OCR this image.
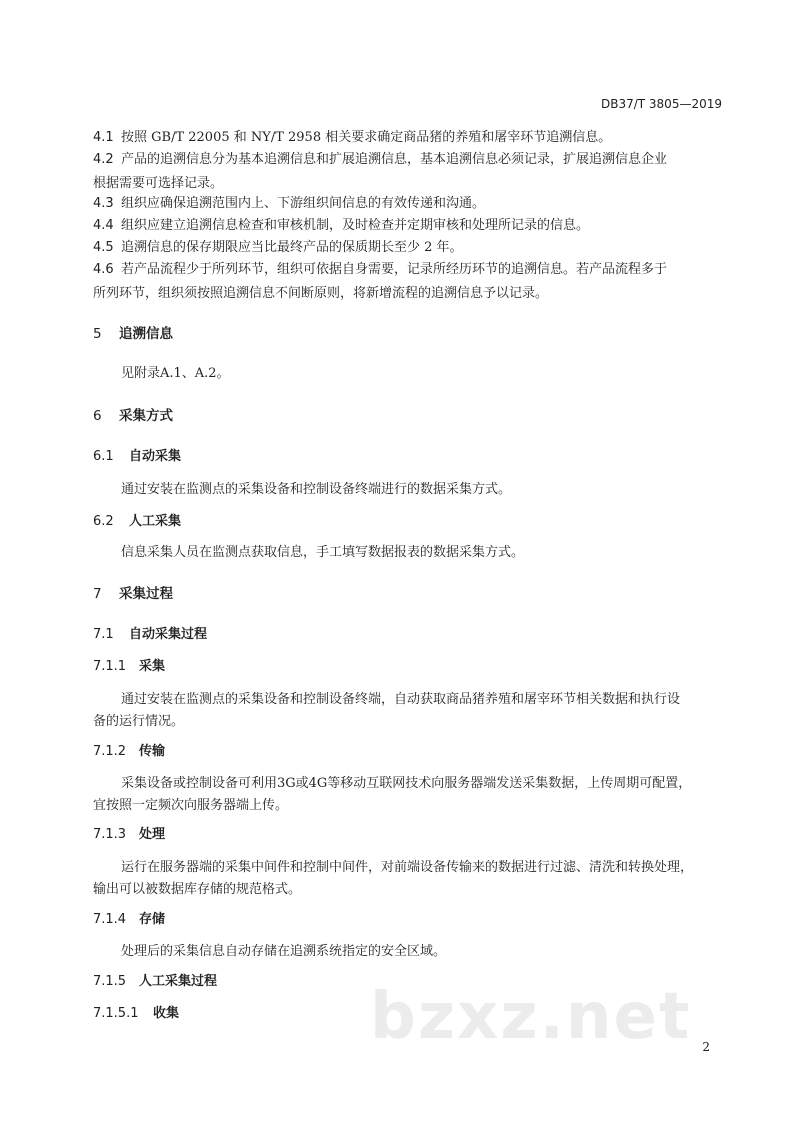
DB37/T 3805—2019
4.1 按照 GB/T 22005 和 NY/T 2958 相关要求确定商品猪的养殖和屠宰环节追溯信息。
4.2 产品的追溯信息分为基本追溯信息和扩展追溯信息，基本追溯信息必须记录，扩展追溯信息企业
根据需要可选择记录。
4.3 组织应确保追溯范围内上、下游组织间信息的有效传递和沟通。
4.4 组织应建立追溯信息检查和审核机制，及时检查并定期审核和处理所记录的信息。
4.5 追溯信息的保存期限应当比最终产品的保质期长至少 2 年。
4.6 若产品流程少于所列环节，组织可依据自身需要，记录所经历环节的追溯信息。若产品流程多于
所列环节，组织须按照追溯信息不间断原则，将新增流程的追溯信息予以记录。
5 追溯信息
见附录A.1、A.2。
6 采集方式
6.1 自动采集
通过安装在监测点的采集设备和控制设备终端进行的数据采集方式。
6.2 人工采集
信息采集人员在监测点获取信息，手工填写数据报表的数据采集方式。
7 采集过程
7.1 自动采集过程
7.1.1 采集
通过安装在监测点的采集设备和控制设备终端，自动获取商品猪养殖和屠宰环节相关数据和执行设
备的运行情况。
7.1.2 传输
采集设备或控制设备可利用3G或4G等移动互联网技术向服务器端发送采集数据，上传周期可配置，
宜按照一定频次向服务器端上传。
7.1.3 处理
运行在服务器端的采集中间件和控制中间件，对前端设备传输来的数据进行过滤、清洗和转换处理，
输出可以被数据库存储的规范格式。
7.1.4 存储
处理后的采集信息自动存储在追溯系统指定的安全区域。
7.1.5 人工采集过程
7.1.5.1 收集	bzxz.net 2
